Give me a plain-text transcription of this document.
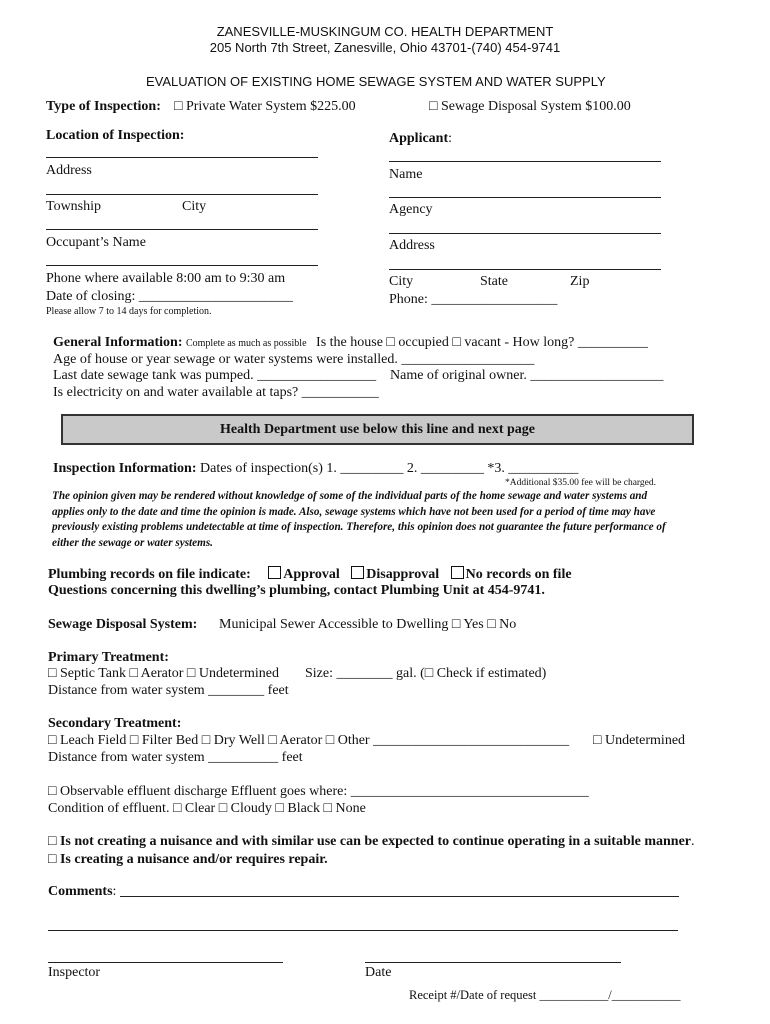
ZANESVILLE-MUSKINGUM CO. HEALTH DEPARTMENT
205 North 7th Street, Zanesville, Ohio 43701-(740) 454-9741
EVALUATION OF EXISTING HOME SEWAGE SYSTEM AND WATER SUPPLY
Type of Inspection: □ Private Water System $225.00	□ Sewage Disposal System $100.00
Location of Inspection:
Address
Township	City
Occupant’s Name
Phone where available 8:00 am to 9:30 am
Date of closing: ______________________
Please allow 7 to 14 days for completion.
Applicant:
Name
Agency
Address
City	State	Zip
Phone: __________________
General Information: Complete as much as possible Is the house □ occupied □ vacant - How long? __________
Age of house or year sewage or water systems were installed. ___________________
Last date sewage tank was pumped. _________________ Name of original owner. ___________________
Is electricity on and water available at taps? ___________
Health Department use below this line and next page
Inspection Information: Dates of inspection(s) 1. _________ 2. _________ *3. __________
*Additional $35.00 fee will be charged.
The opinion given may be rendered without knowledge of some of the individual parts of the home sewage and water systems and applies only to the date and time the opinion is made. Also, sewage systems which have not been used for a period of time may have previously existing problems undetectable at time of inspection. Therefore, this opinion does not guarantee the future performance of either the sewage or water systems.
Plumbing records on file indicate: Approval Disapproval No records on file
Questions concerning this dwelling’s plumbing, contact Plumbing Unit at 454-9741.
Sewage Disposal System: Municipal Sewer Accessible to Dwelling □ Yes □ No
Primary Treatment:
□ Septic Tank □ Aerator □ Undetermined Size: ________ gal. (□ Check if estimated)
Distance from water system ________ feet
Secondary Treatment:
□ Leach Field □ Filter Bed □ Dry Well □ Aerator □ Other ____________________________ □ Undetermined
Distance from water system __________ feet
□ Observable effluent discharge Effluent goes where: __________________________________
Condition of effluent. □ Clear □ Cloudy □ Black □ None
□ Is not creating a nuisance and with similar use can be expected to continue operating in a suitable manner.
□ Is creating a nuisance and/or requires repair.
Comments:
Inspector	Date
Receipt #/Date of request ___________/___________
